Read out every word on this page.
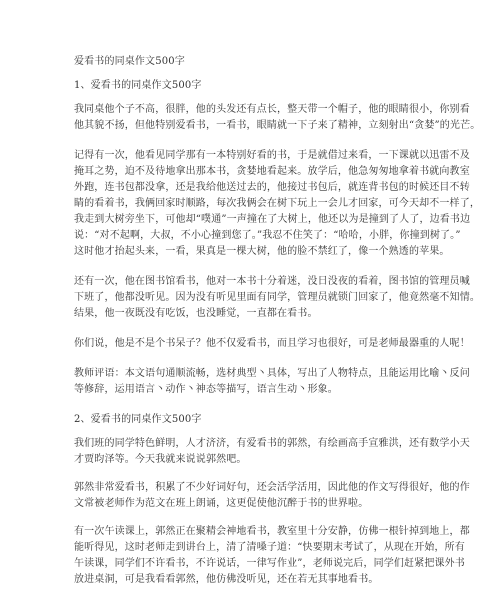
爱看书的同桌作文500字
1、爱看书的同桌作文500字
我同桌他个子不高，很胖，他的头发还有点长，整天带一个帽子，他的眼睛很小，你别看
他其貌不扬，但他特别爱看书，一看书，眼睛就一下子来了精神，立刻射出“贪婪”的光芒。
记得有一次，他看见同学那有一本特别好看的书，于是就借过来看，一下课就以迅雷不及
掩耳之势，迫不及待地拿出那本书，贪婪地看起来。放学后，他急匆匆地拿着书就向教室
外跑，连书包都没拿，还是我给他送过去的，他接过书包后，就连背书包的时候还目不转
睛的看着书，我俩回家时顺路，每次我俩会在树下玩上一会儿才回家，可今天却不一样了，
我走到大树旁坐下，可他却“噗通”一声撞在了大树上，他还以为是撞到了人了，边看书边
说：“对不起啊，大叔，不小心撞到您了。”我忍不住笑了：“哈哈，小胖，你撞到树了。”
这时他才抬起头来，一看，果真是一棵大树，他的脸不禁红了，像一个熟透的苹果。
还有一次，他在图书馆看书，他对一本书十分着迷，没日没夜的看着，图书馆的管理员喊
下班了，他都没听见。因为没有听见里面有同学，管理员就锁门回家了，他竟然毫不知情。
结果，他一夜既没有吃饭，也没睡觉，一直都在看书。
你们说，他是不是个书呆子？他不仅爱看书，而且学习也很好，可是老师最器重的人呢！
教师评语：本文语句通顺流畅，选材典型丶具体，写出了人物特点，且能运用比喻丶反问
等修辞，运用语言丶动作丶神态等描写，语言生动丶形象。
2、爱看书的同桌作文500字
我们班的同学特色鲜明，人才济济，有爱看书的郭然，有绘画高手宣雅洪，还有数学小天
才贾昀泽等。今天我就来说说郭然吧。
郭然非常爱看书，积累了不少好词好句，还会活学活用，因此他的作文写得很好，他的作
文常被老师作为范文在班上朗诵，这更促使他沉醉于书的世界啦。
有一次午读课上，郭然正在聚精会神地看书，教室里十分安静，仿佛一根针掉到地上，都
能听得见，这时老师走到讲台上，清了清嗓子道：“快要期末考试了，从现在开始，所有
午读课，同学们不许看书，不许说话，一律写作业”，老师说完后，同学们赶紧把课外书
放进桌洞，可是我看看郭然，他仿佛没听见，还在若无其事地看书。
